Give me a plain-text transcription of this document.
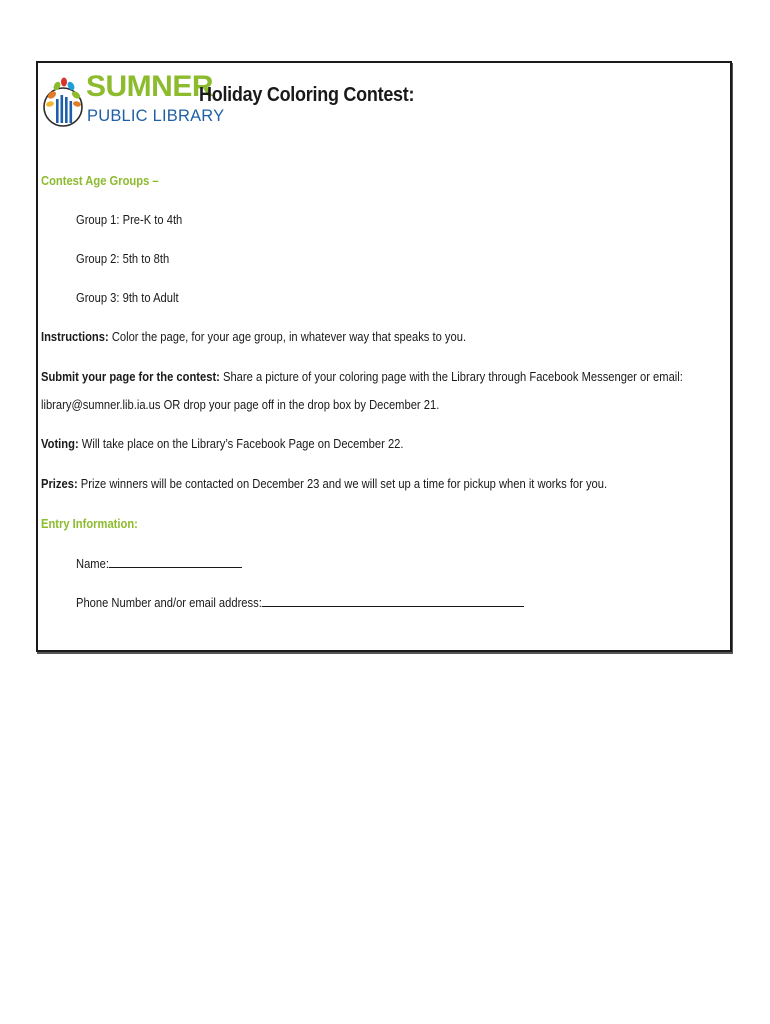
SUMNER
PUBLIC LIBRARY
Holiday Coloring Contest:
Contest Age Groups –
Group 1: Pre-K to 4th
Group 2: 5th to 8th
Group 3: 9th to Adult
Instructions: Color the page, for your age group, in whatever way that speaks to you.
Submit your page for the contest: Share a picture of your coloring page with the Library through Facebook Messenger or email:
library@sumner.lib.ia.us OR drop your page off in the drop box by December 21.
Voting: Will take place on the Library’s Facebook Page on December 22.
Prizes: Prize winners will be contacted on December 23 and we will set up a time for pickup when it works for you.
Entry Information:
Name:
Phone Number and/or email address:
